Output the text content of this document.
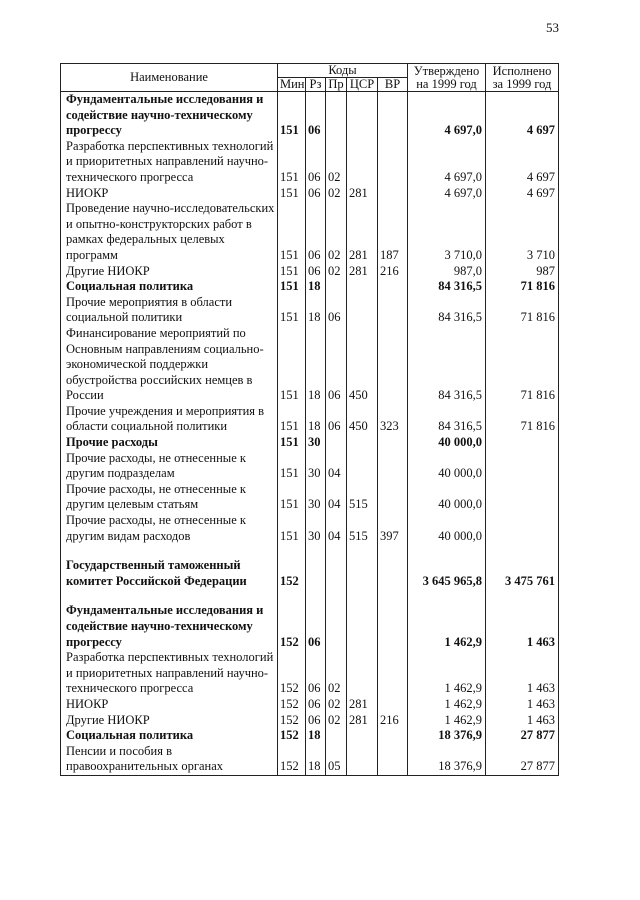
53
Наименование	Коды					Утверждено на 1999 год	Исполнено за 1999 год
	Мин	Рз	Пр	ЦСР	ВР		
Фундаментальные исследования и содействие научно-техническому прогрессу	151	06				4 697,0	4 697
Разработка перспективных технологий и приоритетных направлений научно-технического прогресса	151	06	02			4 697,0	4 697
НИОКР	151	06	02	281		4 697,0	4 697
Проведение научно-исследовательских и опытно-конструкторских работ в рамках федеральных целевых программ	151	06	02	281	187	3 710,0	3 710
Другие НИОКР	151	06	02	281	216	987,0	987
Социальная политика	151	18				84 316,5	71 816
Прочие мероприятия в области социальной политики	151	18	06			84 316,5	71 816
Финансирование мероприятий по Основным направлениям социально-экономической поддержки обустройства российских немцев в России	151	18	06	450		84 316,5	71 816
Прочие учреждения и мероприятия в области социальной политики	151	18	06	450	323	84 316,5	71 816
Прочие расходы	151	30				40 000,0	
Прочие расходы, не отнесенные к другим подразделам	151	30	04			40 000,0	
Прочие расходы, не отнесенные к другим целевым статьям	151	30	04	515		40 000,0	
Прочие расходы, не отнесенные к другим видам расходов	151	30	04	515	397	40 000,0	

Государственный таможенный комитет Российской Федерации	152					3 645 965,8	3 475 761

Фундаментальные исследования и содействие научно-техническому прогрессу	152	06				1 462,9	1 463
Разработка перспективных технологий и приоритетных направлений научно-технического прогресса	152	06	02			1 462,9	1 463
НИОКР	152	06	02	281		1 462,9	1 463
Другие НИОКР	152	06	02	281	216	1 462,9	1 463
Социальная политика	152	18				18 376,9	27 877
Пенсии и пособия в правоохранительных органах	152	18	05			18 376,9	27 877
